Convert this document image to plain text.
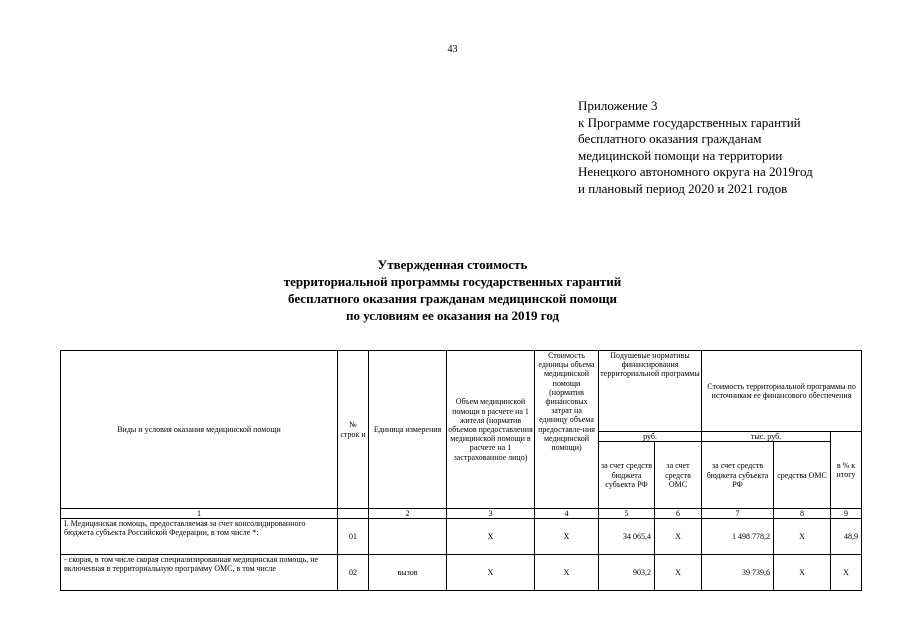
43
Приложение 3
к Программе государственных гарантий
бесплатного оказания гражданам
медицинской помощи на территории
Ненецкого автономного округа на 2019год
и плановый период 2020 и 2021 годов
Утвержденная стоимость
территориальной программы государственных гарантий
бесплатного оказания гражданам медицинской помощи
по условиям ее оказания на 2019 год
Виды и условия оказания медицинской помощи	№ строк и	Единица измерения	Объем медицинской помощи в расчете на 1 жителя (норматив объемов предоставления медицинской помощи в расчете на 1 застрахованное лицо)	Стоимость единицы объема медицинской помощи (норматив финансовых затрат на единицу объема предоставле-ния медицинской помощи)	Подушевые нормативы финансирования территориальной программы		Стоимость территориальной программы по источникам ее финансового обеспечения		
					руб.		тыс. руб.		в % к итогу
					за счет средств бюджета субъекта РФ	за счет средств ОМС	за счет средств бюджета субъекта РФ	средства ОМС	
1		2	3	4	5	6	7	8	9
I. Медицинская помощь, предоставляемая за счет консолидированного бюджета субъекта Российской Федерации, в том числе *:	01		Х	Х	34 065,4	Х	1 498 778,2	Х	48,9
- скорая, в том числе скорая специализированная медицинская помощь, не включенная в территориальную программу ОМС, в том числе	02	вызов	Х	Х	903,2	Х	39 739,6	Х	Х
